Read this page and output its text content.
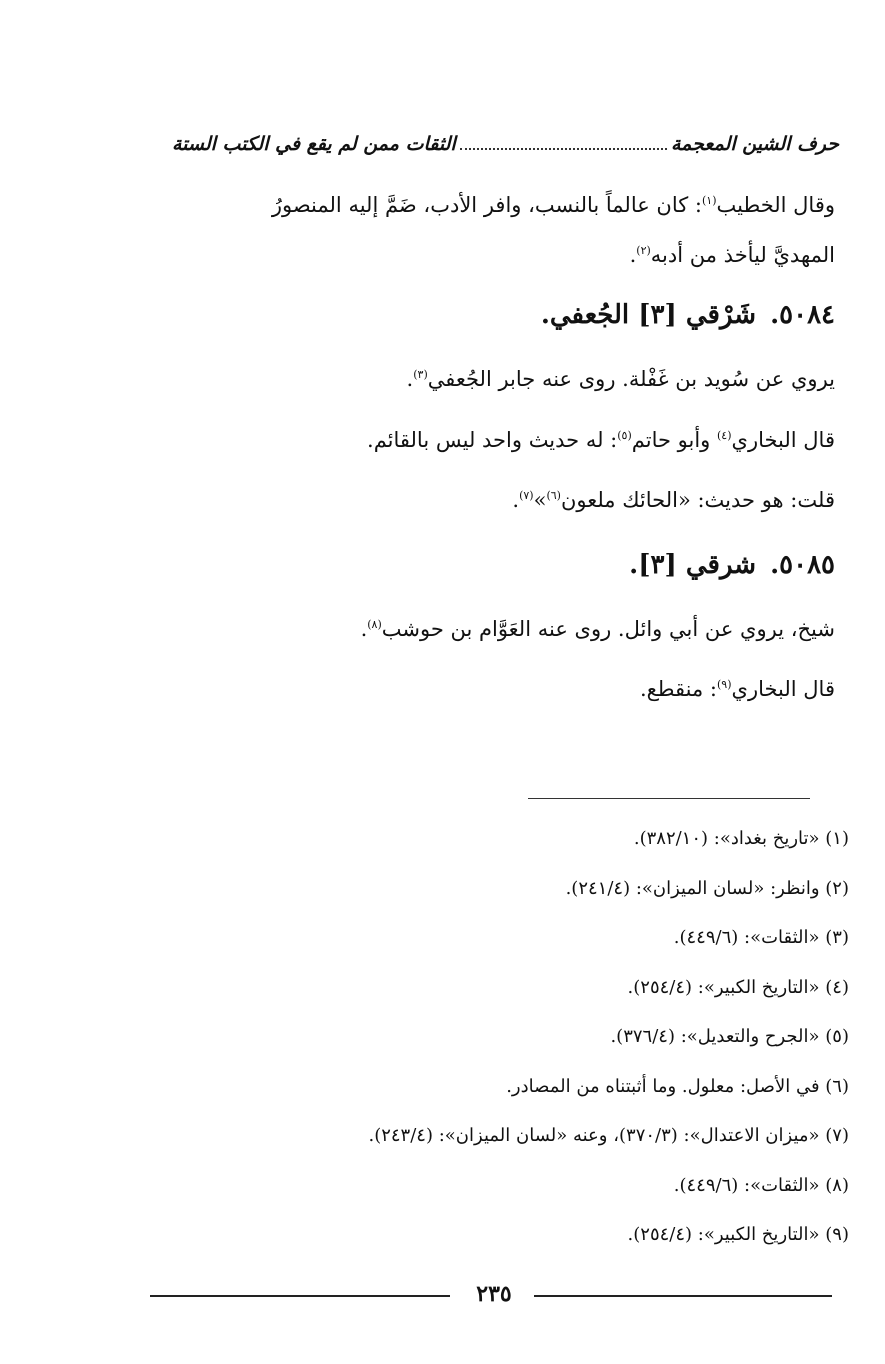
حرف الشين المعجمة
الثقات ممن لم يقع في الكتب الستة
وقال الخطيب$^{(١)}$: كان عالماً بالنسب، وافر الأدب، ضَمَّ إليه المنصورُ
المهديَّ ليأخذ من أدبه$^{(٢)}$.
٥٠٨٤.شَرْقي [٣] الجُعفي.
يروي عن سُويد بن غَفْلة. روى عنه جابر الجُعفي$^{(٣)}$.
قال البخاري$^{(٤)}$ وأبو حاتم$^{(٥)}$: له حديث واحد ليس بالقائم.
قلت: هو حديث: «الحائك ملعون$^{(٦)}$»$^{(٧)}$.
٥٠٨٥.شرقي [٣].
شيخ، يروي عن أبي وائل. روى عنه العَوَّام بن حوشب$^{(٨)}$.
قال البخاري$^{(٩)}$: منقطع.
(١) «تاريخ بغداد»: (٣٨٢/١٠).
(٢) وانظر: «لسان الميزان»: (٢٤١/٤).
(٣) «الثقات»: (٤٤٩/٦).
(٤) «التاريخ الكبير»: (٢٥٤/٤).
(٥) «الجرح والتعديل»: (٣٧٦/٤).
(٦) في الأصل: معلول. وما أثبتناه من المصادر.
(٧) «ميزان الاعتدال»: (٣٧٠/٣)، وعنه «لسان الميزان»: (٢٤٣/٤).
(٨) «الثقات»: (٤٤٩/٦).
(٩) «التاريخ الكبير»: (٢٥٤/٤).
٢٣٥
